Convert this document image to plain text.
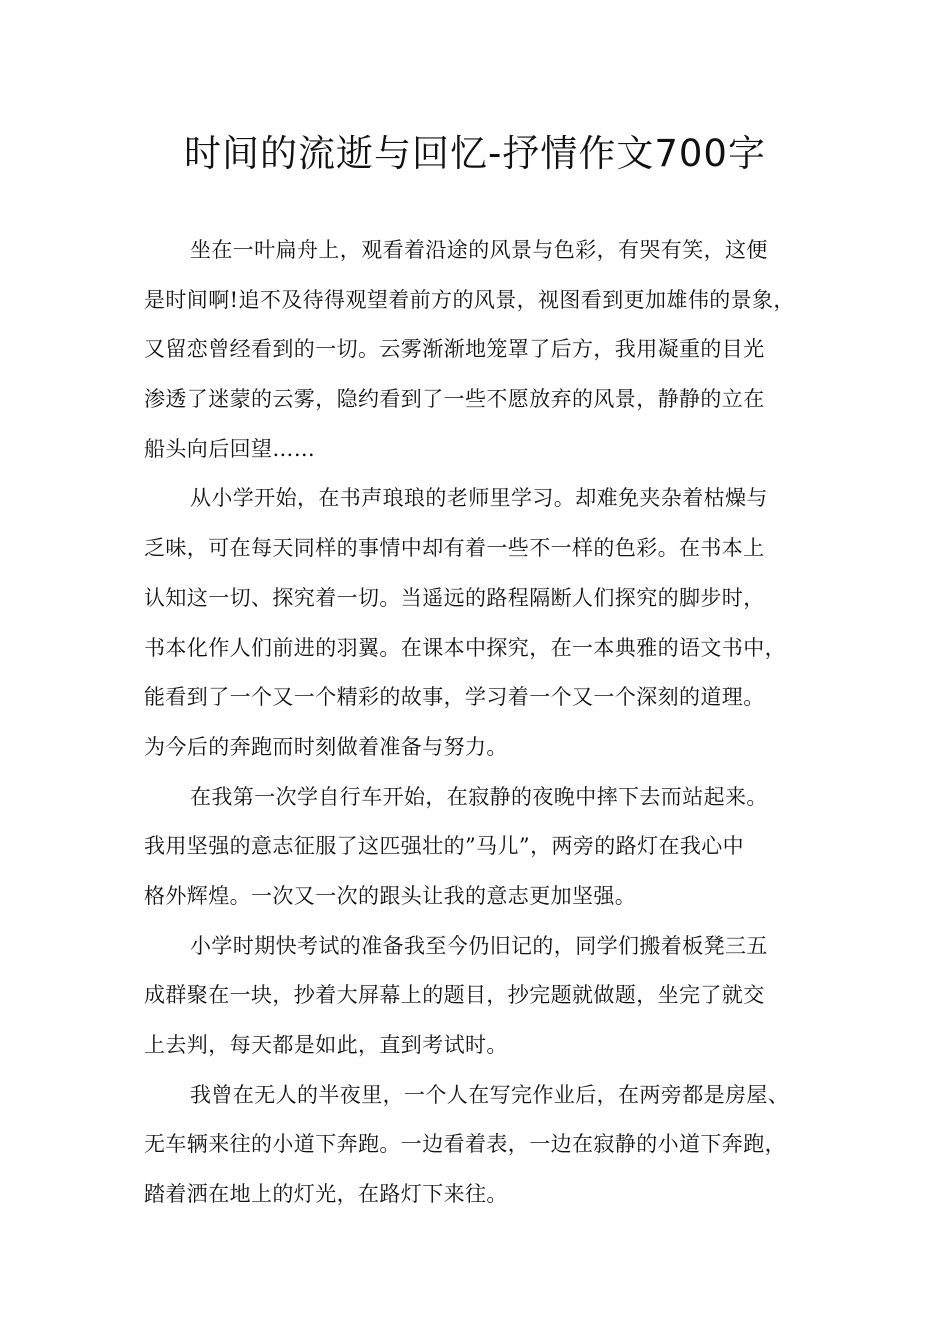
时间的流逝与回忆-抒情作文700字
坐在一叶扁舟上，观看着沿途的风景与色彩，有哭有笑，这便
是时间啊!追不及待得观望着前方的风景，视图看到更加雄伟的景象，
又留恋曾经看到的一切。云雾渐渐地笼罩了后方，我用凝重的目光
渗透了迷蒙的云雾，隐约看到了一些不愿放弃的风景，静静的立在
船头向后回望……
从小学开始，在书声琅琅的老师里学习。却难免夹杂着枯燥与
乏味，可在每天同样的事情中却有着一些不一样的色彩。在书本上
认知这一切、探究着一切。当遥远的路程隔断人们探究的脚步时，
书本化作人们前进的羽翼。在课本中探究，在一本典雅的语文书中，
能看到了一个又一个精彩的故事，学习着一个又一个深刻的道理。
为今后的奔跑而时刻做着准备与努力。
在我第一次学自行车开始，在寂静的夜晚中摔下去而站起来。
我用坚强的意志征服了这匹强壮的”马儿”，两旁的路灯在我心中
格外辉煌。一次又一次的跟头让我的意志更加坚强。
小学时期快考试的准备我至今仍旧记的，同学们搬着板凳三五
成群聚在一块，抄着大屏幕上的题目，抄完题就做题，坐完了就交
上去判，每天都是如此，直到考试时。
我曾在无人的半夜里，一个人在写完作业后，在两旁都是房屋、
无车辆来往的小道下奔跑。一边看着表，一边在寂静的小道下奔跑，
踏着洒在地上的灯光，在路灯下来往。
